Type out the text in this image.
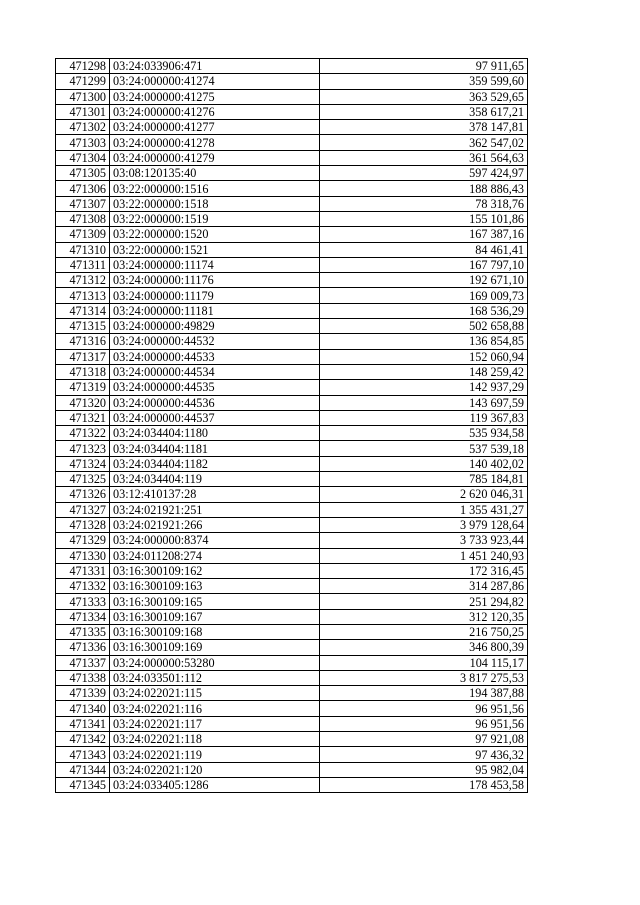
471298	03:24:033906:471	97 911,65
471299	03:24:000000:41274	359 599,60
471300	03:24:000000:41275	363 529,65
471301	03:24:000000:41276	358 617,21
471302	03:24:000000:41277	378 147,81
471303	03:24:000000:41278	362 547,02
471304	03:24:000000:41279	361 564,63
471305	03:08:120135:40	597 424,97
471306	03:22:000000:1516	188 886,43
471307	03:22:000000:1518	78 318,76
471308	03:22:000000:1519	155 101,86
471309	03:22:000000:1520	167 387,16
471310	03:22:000000:1521	84 461,41
471311	03:24:000000:11174	167 797,10
471312	03:24:000000:11176	192 671,10
471313	03:24:000000:11179	169 009,73
471314	03:24:000000:11181	168 536,29
471315	03:24:000000:49829	502 658,88
471316	03:24:000000:44532	136 854,85
471317	03:24:000000:44533	152 060,94
471318	03:24:000000:44534	148 259,42
471319	03:24:000000:44535	142 937,29
471320	03:24:000000:44536	143 697,59
471321	03:24:000000:44537	119 367,83
471322	03:24:034404:1180	535 934,58
471323	03:24:034404:1181	537 539,18
471324	03:24:034404:1182	140 402,02
471325	03:24:034404:119	785 184,81
471326	03:12:410137:28	2 620 046,31
471327	03:24:021921:251	1 355 431,27
471328	03:24:021921:266	3 979 128,64
471329	03:24:000000:8374	3 733 923,44
471330	03:24:011208:274	1 451 240,93
471331	03:16:300109:162	172 316,45
471332	03:16:300109:163	314 287,86
471333	03:16:300109:165	251 294,82
471334	03:16:300109:167	312 120,35
471335	03:16:300109:168	216 750,25
471336	03:16:300109:169	346 800,39
471337	03:24:000000:53280	104 115,17
471338	03:24:033501:112	3 817 275,53
471339	03:24:022021:115	194 387,88
471340	03:24:022021:116	96 951,56
471341	03:24:022021:117	96 951,56
471342	03:24:022021:118	97 921,08
471343	03:24:022021:119	97 436,32
471344	03:24:022021:120	95 982,04
471345	03:24:033405:1286	178 453,58
